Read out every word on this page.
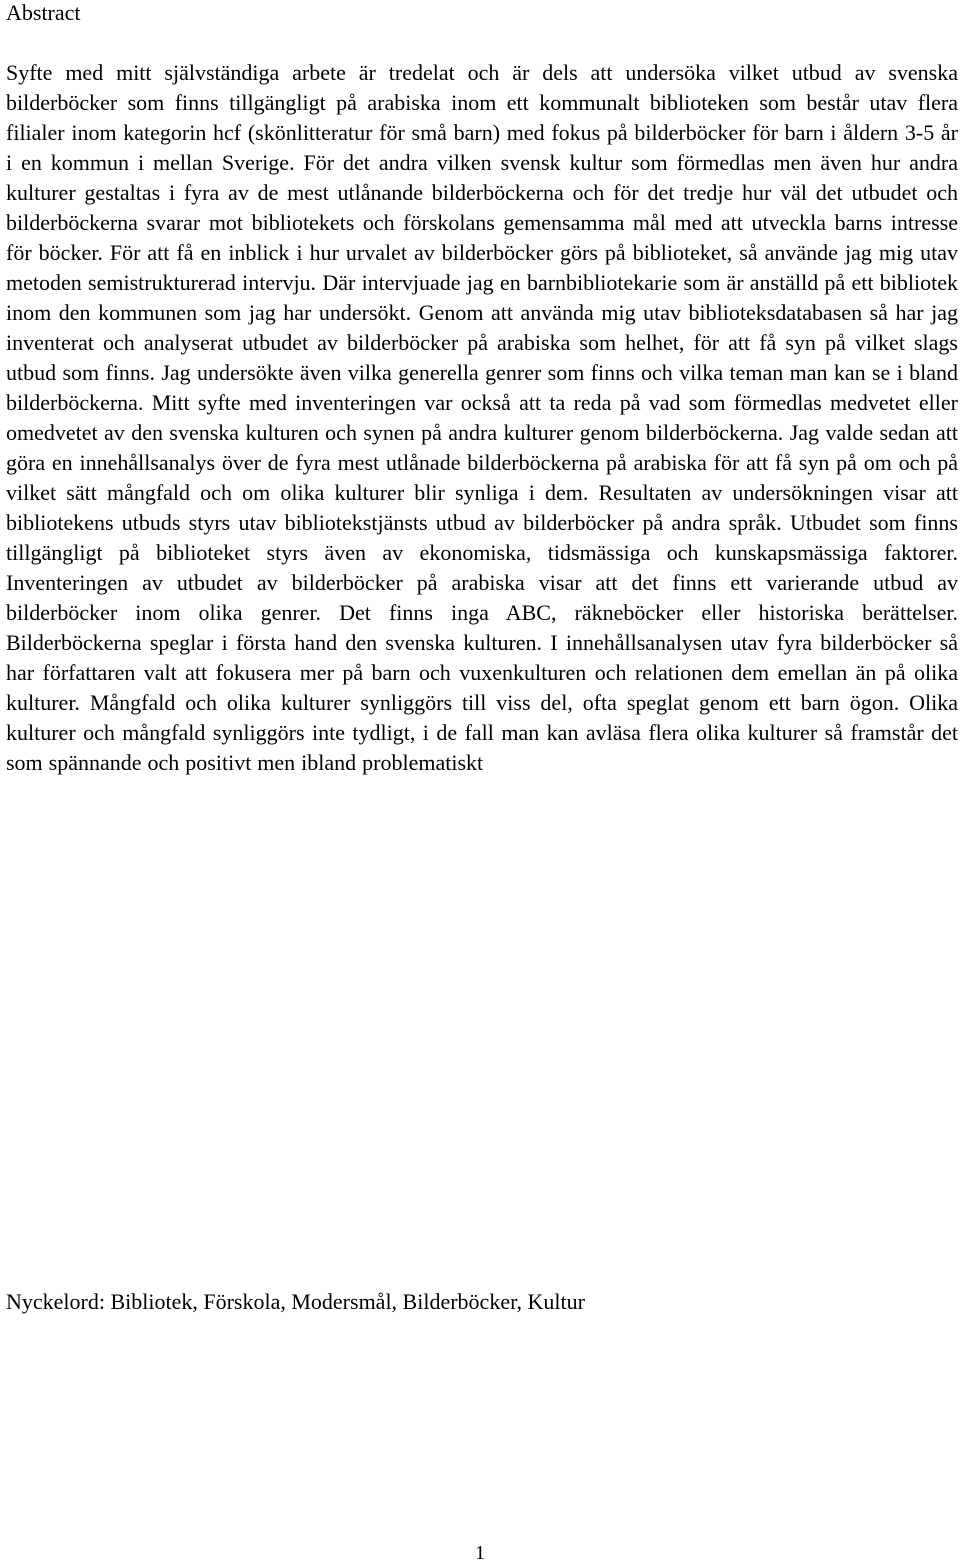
Abstract

Syfte med mitt självständiga arbete är tredelat och är dels att undersöka vilket utbud av svenska bilderböcker som finns tillgängligt på arabiska inom ett kommunalt biblioteken som består utav flera filialer inom kategorin hcf (skönlitteratur för små barn) med fokus på bilderböcker för barn i åldern 3-5 år i en kommun i mellan Sverige. För det andra vilken svensk kultur som förmedlas men även hur andra kulturer gestaltas i fyra av de mest utlånande bilderböckerna och för det tredje hur väl det utbudet och bilderböckerna svarar mot bibliotekets och förskolans gemensamma mål med att utveckla barns intresse för böcker. För att få en inblick i hur urvalet av bilderböcker görs på biblioteket, så använde jag mig utav metoden semistrukturerad intervju. Där intervjuade jag en barnbibliotekarie som är anställd på ett bibliotek inom den kommunen som jag har undersökt. Genom att använda mig utav biblioteksdatabasen så har jag inventerat och analyserat utbudet av bilderböcker på arabiska som helhet, för att få syn på vilket slags utbud som finns. Jag undersökte även vilka generella genrer som finns och vilka teman man kan se i bland bilderböckerna. Mitt syfte med inventeringen var också att ta reda på vad som förmedlas medvetet eller omedvetet av den svenska kulturen och synen på andra kulturer genom bilderböckerna. Jag valde sedan att göra en innehållsanalys över de fyra mest utlånade bilderböckerna på arabiska för att få syn på om och på vilket sätt mångfald och om olika kulturer blir synliga i dem. Resultaten av undersökningen visar att bibliotekens utbuds styrs utav bibliotekstjänsts utbud av bilderböcker på andra språk. Utbudet som finns tillgängligt på biblioteket styrs även av ekonomiska, tidsmässiga och kunskapsmässiga faktorer. Inventeringen av utbudet av bilderböcker på arabiska visar att det finns ett varierande utbud av bilderböcker inom olika genrer. Det finns inga ABC, räkneböcker eller historiska berättelser. Bilderböckerna speglar i första hand den svenska kulturen. I innehållsanalysen utav fyra bilderböcker så har författaren valt att fokusera mer på barn och vuxenkulturen och relationen dem emellan än på olika kulturer. Mångfald och olika kulturer synliggörs till viss del, ofta speglat genom ett barn ögon. Olika kulturer och mångfald synliggörs inte tydligt, i de fall man kan avläsa flera olika kulturer så framstår det som spännande och positivt men ibland problematiskt

Nyckelord: Bibliotek, Förskola, Modersmål, Bilderböcker, Kultur

1
